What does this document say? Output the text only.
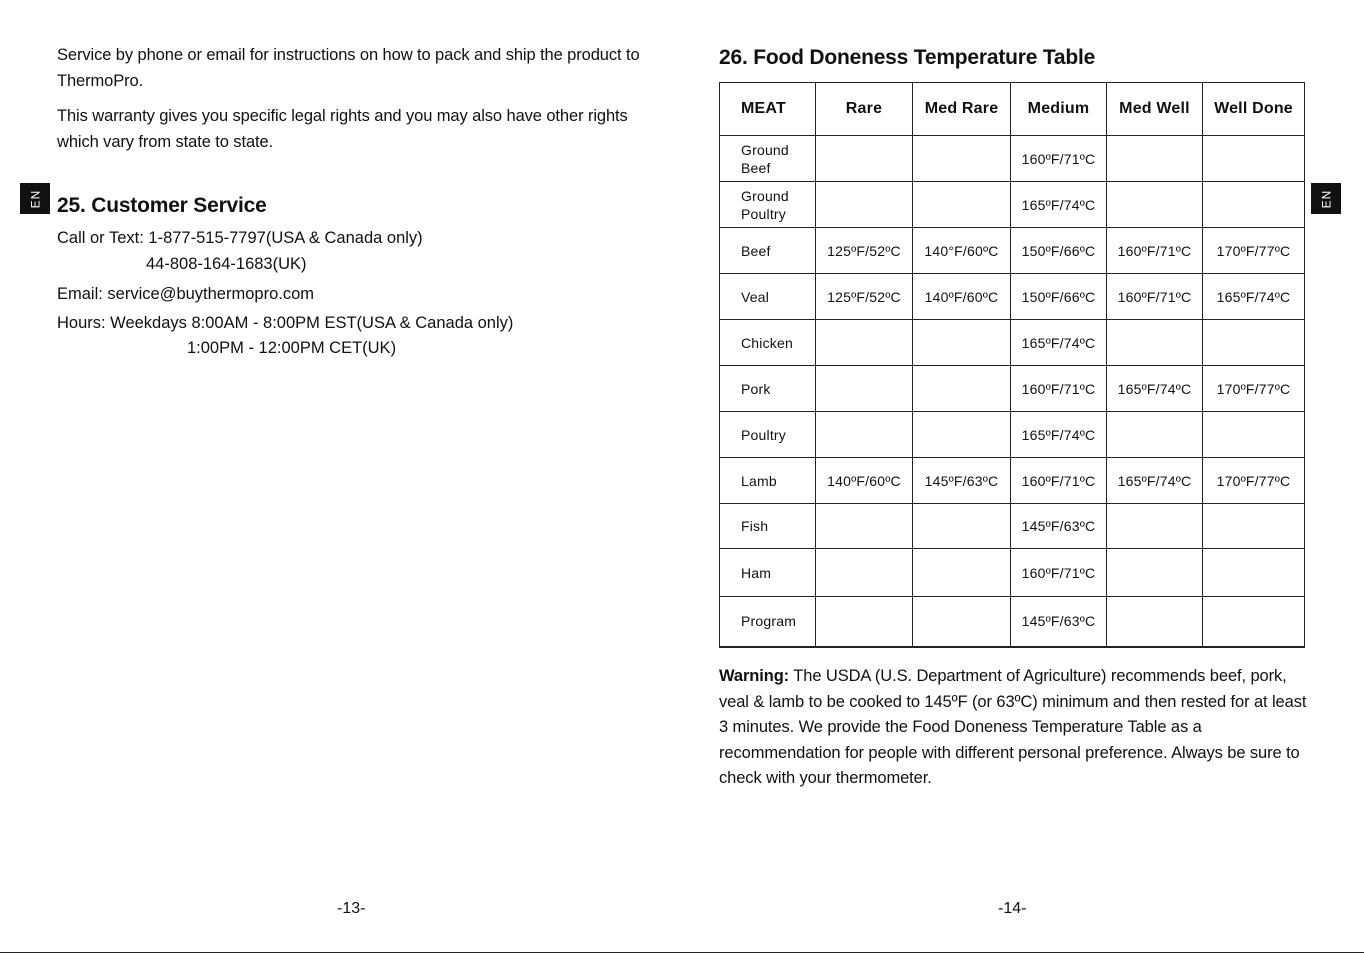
Service by phone or email for instructions on how to pack and ship the product to ThermoPro.

This warranty gives you specific legal rights and you may also have other rights which vary from state to state.

EN 25. Customer Service
Call or Text: 1-877-515-7797(USA & Canada only)
44-808-164-1683(UK)
Email: service@buythermopro.com
Hours: Weekdays 8:00AM - 8:00PM EST(USA & Canada only)
1:00PM - 12:00PM CET(UK)
-13-
26. Food Doneness Temperature Table
EN
-14-
MEAT	Rare	Med Rare	Medium	Med Well	Well Done
Ground Beef			160ºF/71ºC		
Ground Poultry			165ºF/74ºC		
Beef	125ºF/52ºC	140°F/60ºC	150ºF/66ºC	160ºF/71ºC	170ºF/77ºC
Veal	125ºF/52ºC	140ºF/60ºC	150ºF/66ºC	160ºF/71ºC	165ºF/74ºC
Chicken			165ºF/74ºC		
Pork			160ºF/71ºC	165ºF/74ºC	170ºF/77ºC
Poultry			165ºF/74ºC		
Lamb	140ºF/60ºC	145ºF/63ºC	160ºF/71ºC	165ºF/74ºC	170ºF/77ºC
Fish			145ºF/63ºC		
Ham			160ºF/71ºC		
Program			145ºF/63ºC		

Warning: The USDA (U.S. Department of Agriculture) recommends beef, pork, veal & lamb to be cooked to 145ºF (or 63ºC) minimum and then rested for at least 3 minutes. We provide the Food Doneness Temperature Table as a recommendation for people with different personal preference. Always be sure to check with your thermometer.
